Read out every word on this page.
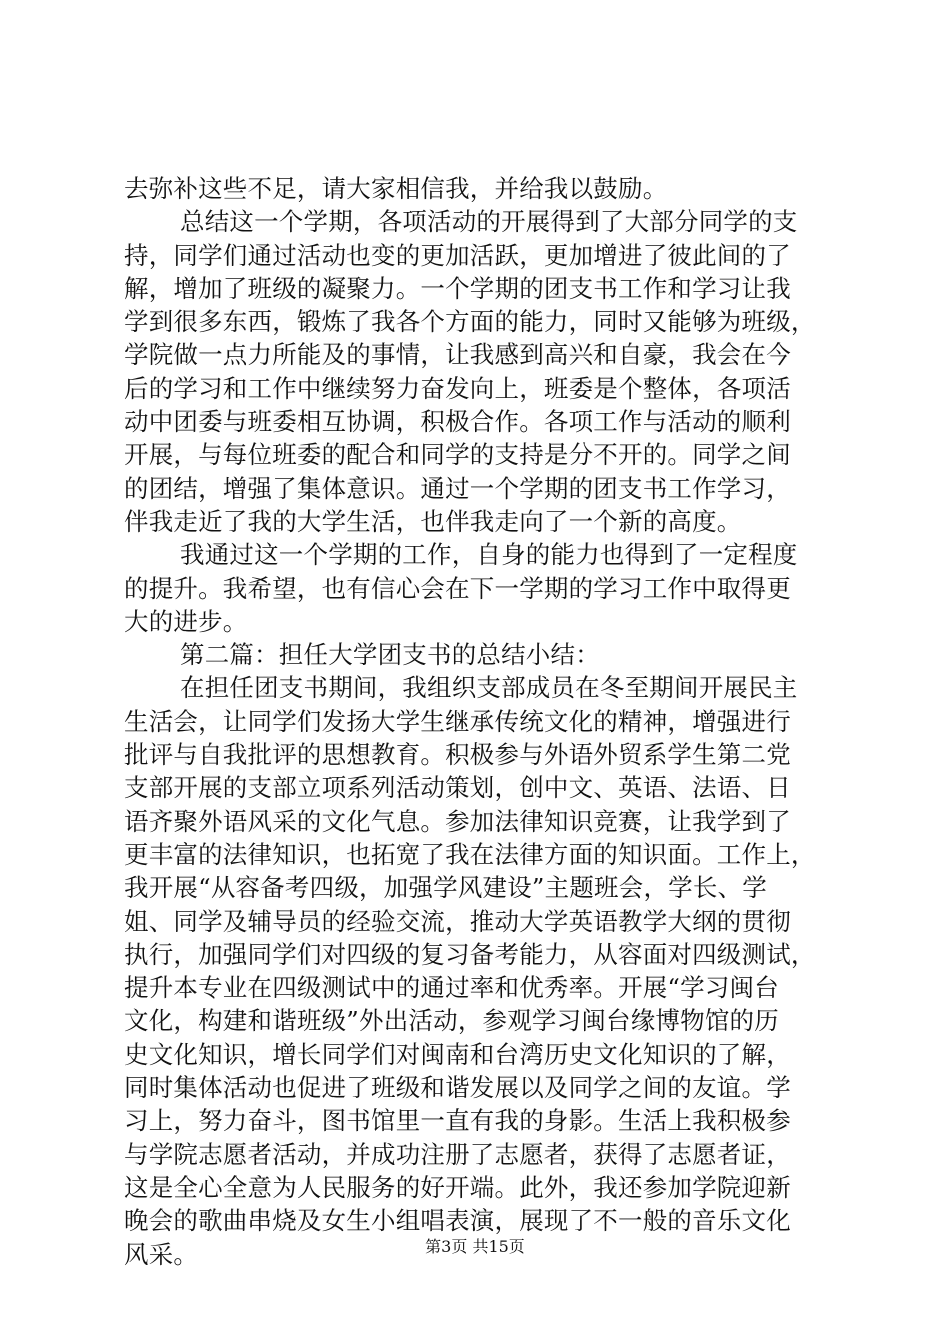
去弥补这些不足，请大家相信我，并给我以鼓励。
总结这一个学期，各项活动的开展得到了大部分同学的支
持，同学们通过活动也变的更加活跃，更加增进了彼此间的了
解，增加了班级的凝聚力。一个学期的团支书工作和学习让我
学到很多东西，锻炼了我各个方面的能力，同时又能够为班级，
学院做一点力所能及的事情，让我感到高兴和自豪，我会在今
后的学习和工作中继续努力奋发向上，班委是个整体，各项活
动中团委与班委相互协调，积极合作。各项工作与活动的顺利
开展，与每位班委的配合和同学的支持是分不开的。同学之间
的团结，增强了集体意识。通过一个学期的团支书工作学习，
伴我走近了我的大学生活，也伴我走向了一个新的高度。
我通过这一个学期的工作，自身的能力也得到了一定程度
的提升。我希望，也有信心会在下一学期的学习工作中取得更
大的进步。
第二篇：担任大学团支书的总结小结：
在担任团支书期间，我组织支部成员在冬至期间开展民主
生活会，让同学们发扬大学生继承传统文化的精神，增强进行
批评与自我批评的思想教育。积极参与外语外贸系学生第二党
支部开展的支部立项系列活动策划，创中文、英语、法语、日
语齐聚外语风采的文化气息。参加法律知识竞赛，让我学到了
更丰富的法律知识，也拓宽了我在法律方面的知识面。工作上，
我开展“从容备考四级，加强学风建设”主题班会，学长、学
姐、同学及辅导员的经验交流，推动大学英语教学大纲的贯彻
执行，加强同学们对四级的复习备考能力，从容面对四级测试，
提升本专业在四级测试中的通过率和优秀率。开展“学习闽台
文化，构建和谐班级”外出活动，参观学习闽台缘博物馆的历
史文化知识，增长同学们对闽南和台湾历史文化知识的了解，
同时集体活动也促进了班级和谐发展以及同学之间的友谊。学
习上，努力奋斗，图书馆里一直有我的身影。生活上我积极参
与学院志愿者活动，并成功注册了志愿者，获得了志愿者证，
这是全心全意为人民服务的好开端。此外，我还参加学院迎新
晚会的歌曲串烧及女生小组唱表演，展现了不一般的音乐文化
风采。	第3页 共15页
